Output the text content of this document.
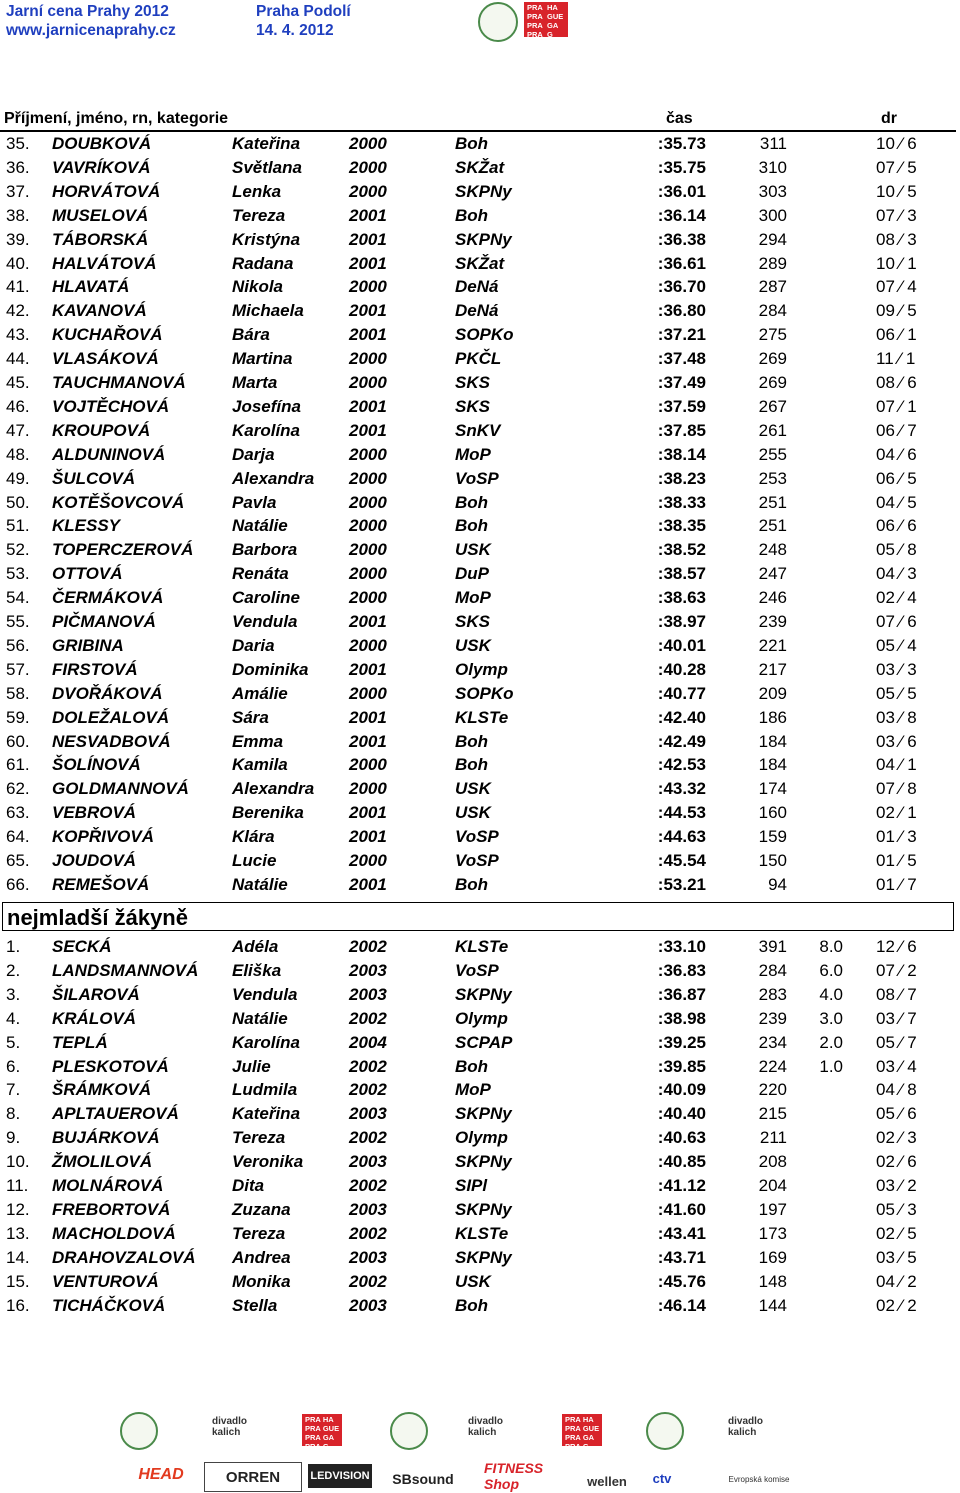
Jarní cena Prahy 2012
www.jarnicenaprahy.cz
Praha Podolí
14. 4. 2012
PRA HA
PRA GUE
PRA GA
PRA G
Příjmení, jméno, rn, kategorie	čas	dr
35. DOUBKOVÁ	Kateřina	2000	Boh	:35.73	311	10 ⁄ 6
36. VAVRÍKOVÁ	Světlana	2000	SKŽat	:35.75	310	07 ⁄ 5
37. HORVÁTOVÁ	Lenka	2000	SKPNy	:36.01	303	10 ⁄ 5
38. MUSELOVÁ	Tereza	2001	Boh	:36.14	300	07 ⁄ 3
39. TÁBORSKÁ	Kristýna	2001	SKPNy	:36.38	294	08 ⁄ 3
40. HALVÁTOVÁ	Radana	2001	SKŽat	:36.61	289	10 ⁄ 1
41. HLAVATÁ	Nikola	2000	DeNá	:36.70	287	07 ⁄ 4
42. KAVANOVÁ	Michaela	2001	DeNá	:36.80	284	09 ⁄ 5
43. KUCHAŘOVÁ	Bára	2001	SOPKo	:37.21	275	06 ⁄ 1
44. VLASÁKOVÁ	Martina	2000	PKČL	:37.48	269	11 ⁄ 1
45. TAUCHMANOVÁ	Marta	2000	SKS	:37.49	269	08 ⁄ 6
46. VOJTĚCHOVÁ	Josefína	2001	SKS	:37.59	267	07 ⁄ 1
47. KROUPOVÁ	Karolína	2001	SnKV	:37.85	261	06 ⁄ 7
48. ALDUNINOVÁ	Darja	2000	MoP	:38.14	255	04 ⁄ 6
49. ŠULCOVÁ	Alexandra 2000	VoSP	:38.23	253	06 ⁄ 5
50. KOTĚŠOVCOVÁ	Pavla	2000	Boh	:38.33	251	04 ⁄ 5
51. KLESSY	Natálie	2000	Boh	:38.35	251	06 ⁄ 6
52. TOPERCZEROVÁ Barbora	2000	USK	:38.52	248	05 ⁄ 8
53. OTTOVÁ	Renáta	2000	DuP	:38.57	247	04 ⁄ 3
54. ČERMÁKOVÁ	Caroline	2000	MoP	:38.63	246	02 ⁄ 4
55. PIČMANOVÁ	Vendula	2001	SKS	:38.97	239	07 ⁄ 6
56. GRIBINA	Daria	2000	USK	:40.01	221	05 ⁄ 4
57. FIRSTOVÁ	Dominika 2001	Olymp	:40.28	217	03 ⁄ 3
58. DVOŘÁKOVÁ	Amálie	2000	SOPKo	:40.77	209	05 ⁄ 5
59. DOLEŽALOVÁ	Sára	2001	KLSTe	:42.40	186	03 ⁄ 8
60. NESVADBOVÁ	Emma	2001	Boh	:42.49	184	03 ⁄ 6
61. ŠOLÍNOVÁ	Kamila	2000	Boh	:42.53	184	04 ⁄ 1
62. GOLDMANNOVÁ	Alexandra 2000	USK	:43.32	174	07 ⁄ 8
63. VEBROVÁ	Berenika	2001	USK	:44.53	160	02 ⁄ 1
64. KOPŘIVOVÁ	Klára	2001	VoSP	:44.63	159	01 ⁄ 3
65. JOUDOVÁ	Lucie	2000	VoSP	:45.54	150	01 ⁄ 5
66. REMEŠOVÁ	Natálie	2001	Boh	:53.21	94	01 ⁄ 7
nejmladší žákyně
1. SECKÁ	Adéla	2002	KLSTe	:33.10	391	8.0 12 ⁄ 6
2. LANDSMANNOVÁ Eliška	2003	VoSP	:36.83	284	6.0 07 ⁄ 2
3. ŠILAROVÁ	Vendula	2003	SKPNy	:36.87	283	4.0 08 ⁄ 7
4. KRÁLOVÁ	Natálie	2002	Olymp	:38.98	239	3.0 03 ⁄ 7
5. TEPLÁ	Karolína	2004	SCPAP	:39.25	234	2.0 05 ⁄ 7
6. PLESKOTOVÁ	Julie	2002	Boh	:39.85	224	1.0 03 ⁄ 4
7. ŠRÁMKOVÁ	Ludmila	2002	MoP	:40.09	220	04 ⁄ 8
8. APLTAUEROVÁ	Kateřina	2003	SKPNy	:40.40	215	05 ⁄ 6
9. BUJÁRKOVÁ	Tereza	2002	Olymp	:40.63	211	02 ⁄ 3
10. ŽMOLILOVÁ	Veronika	2003	SKPNy	:40.85	208	02 ⁄ 6
11. MOLNÁROVÁ	Dita	2002	SIPl	:41.12	204	03 ⁄ 2
12. FREBORTOVÁ	Zuzana	2003	SKPNy	:41.60	197	05 ⁄ 3
13. MACHOLDOVÁ	Tereza	2002	KLSTe	:43.41	173	02 ⁄ 5
14. DRAHOVZALOVÁ Andrea	2003	SKPNy	:43.71	169	03 ⁄ 5
15. VENTUROVÁ	Monika	2002	USK	:45.76	148	04 ⁄ 2
16. TICHÁČKOVÁ	Stella	2003	Boh	:46.14	144	02 ⁄ 2
divadlo kalich
PRA HA
PRA GUE
PRA GA
PRA G
divadlo kalich
PRA HA
PRA GUE
PRA GA
PRA G
divadlo kalich
HEAD	ORREN	LEDVISION	SBsound
FITNESS Shop	wellen	ctv	Evropská komise
